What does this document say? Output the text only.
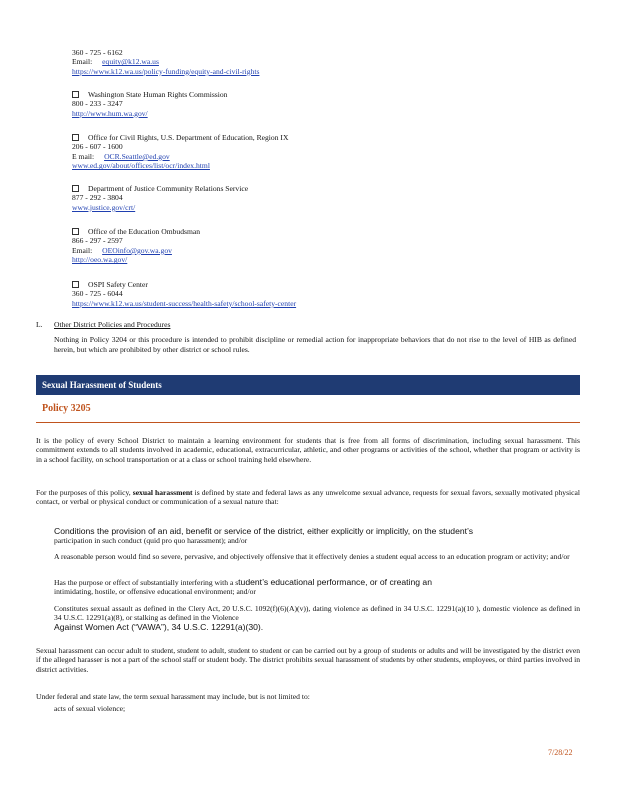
360 - 725 - 6162
Email: equity@k12.wa.us
https://www.k12.wa.us/policy-funding/equity-and-civil-rights
Washington State Human Rights Commission
800 - 233 - 3247
http://www.hum.wa.gov/
Office for Civil Rights, U.S. Department of Education, Region IX
206 - 607 - 1600
E mail: OCR.Seattle@ed.gov
www.ed.gov/about/offices/list/ocr/index.html
Department of Justice Community Relations Service
877 - 292 - 3804
www.justice.gov/crt/
Office of the Education Ombudsman
866 - 297 - 2597
Email: OEOinfo@gov.wa.gov
http://oeo.wa.gov/
OSPI Safety Center
360 - 725 - 6044
https://www.k12.wa.us/student-success/health-safety/school-safety-center
L. Other District Policies and Procedures
Nothing in Policy 3204 or this procedure is intended to prohibit discipline or remedial action for inappropriate behaviors that do not rise to the level of HIB as defined herein, but which are prohibited by other district or school rules.
Sexual Harassment of Students
Policy 3205
It is the policy of every School District to maintain a learning environment for students that is free from all forms of discrimination, including sexual harassment. This commitment extends to all students involved in academic, educational, extracurricular, athletic, and other programs or activities of the school, whether that program or activity is in a school facility, on school transportation or at a class or school training held elsewhere.
For the purposes of this policy, sexual harassment is defined by state and federal laws as any unwelcome sexual advance, requests for sexual favors, sexually motivated physical contact, or verbal or physical conduct or communication of a sexual nature that:
Conditions the provision of an aid, benefit or service of the district, either explicitly or implicitly, on the student’s
participation in such conduct (quid pro quo harassment); and/or
A reasonable person would find so severe, pervasive, and objectively offensive that it effectively denies a student equal access to an education program or activity; and/or
Has the purpose or effect of substantially interfering with a student’s educational performance, or of creating an
intimidating, hostile, or offensive educational environment; and/or
Constitutes sexual assault as defined in the Clery Act, 20 U.S.C. 1092(f)(6)(A)(v)), dating violence as defined in 34 U.S.C. 12291(a)(10 ), domestic violence as defined in 34 U.S.C. 12291(a)(8), or stalking as defined in the Violence
Against Women Act (“VAWA”), 34 U.S.C. 12291(a)(30).
Sexual harassment can occur adult to student, student to adult, student to student or can be carried out by a group of students or adults and will be investigated by the district even if the alleged harasser is not a part of the school staff or student body. The district prohibits sexual harassment of students by other students, employees, or third parties involved in district activities.
Under federal and state law, the term sexual harassment may include, but is not limited to:
acts of sexual violence;
7/28/22
